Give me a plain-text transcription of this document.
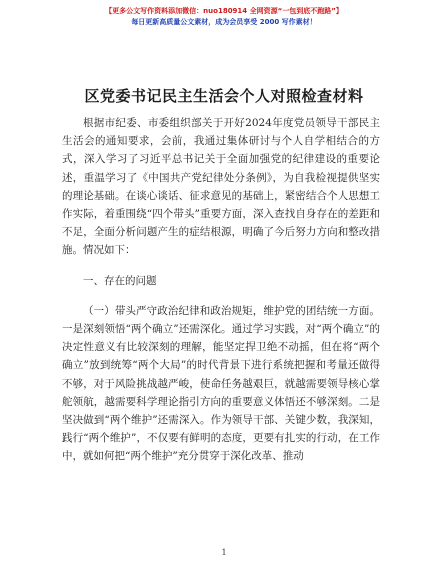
【更多公文写作资料添加微信：nuo180914 全网资源“一包到底不跑路”】
每日更新高质量公文素材，成为会员享受 2000 写作素材！
区党委书记民主生活会个人对照检查材料

根据市纪委、市委组织部关于开好2024年度党员领导干部民主生活会的通知要求，会前，我通过集体研讨与个人自学相结合的方式，深入学习了习近平总书记关于全面加强党的纪律建设的重要论述，重温学习了《中国共产党纪律处分条例》，为自我检视提供坚实的理论基础。在谈心谈话、征求意见的基础上，紧密结合个人思想工作实际，着重围绕“四个带头”重要方面，深入查找自身存在的差距和不足，全面分析问题产生的症结根源，明确了今后努力方向和整改措施。情况如下：

一、存在的问题

（一）带头严守政治纪律和政治规矩，维护党的团结统一方面。一是深刻领悟“两个确立”还需深化。通过学习实践，对“两个确立”的决定性意义有比较深刻的理解，能坚定捍卫绝不动摇，但在将“两个确立”放到统筹“两个大局”的时代背景下进行系统把握和考量还做得不够，对于风险挑战越严峻，使命任务越艰巨，就越需要领导核心掌舵领航，越需要科学理论指引方向的重要意义体悟还不够深刻。二是坚决做到“两个维护”还需深入。作为领导干部、关键少数，我深知，践行“两个维护”，不仅要有鲜明的态度，更要有扎实的行动，在工作中，就如何把“两个维护”充分贯穿于深化改革、推动

1
